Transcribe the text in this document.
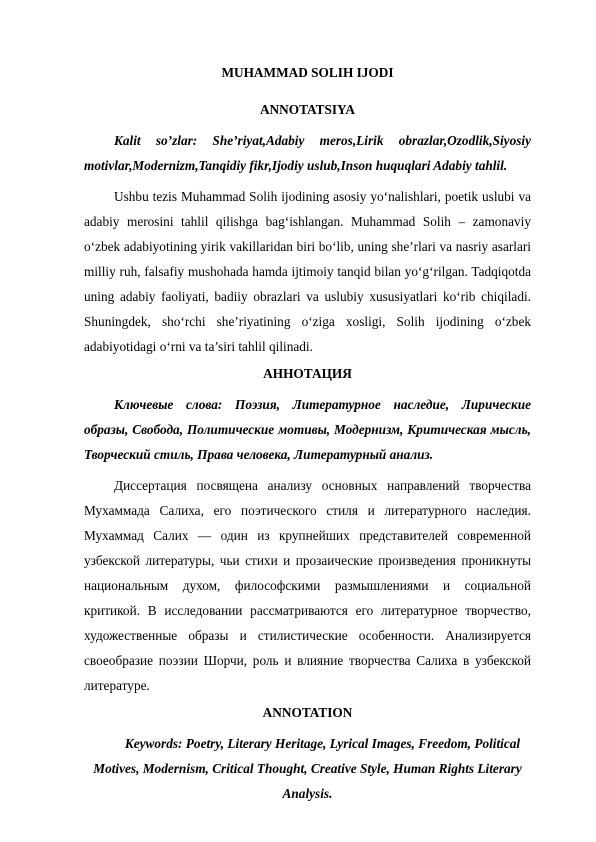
MUHAMMAD SOLIH IJODI

ANNOTATSIYA

Kalit so’zlar: She’riyat,Adabiy meros,Lirik obrazlar,Ozodlik,Siyosiy motivlar,Modernizm,Tanqidiy fikr,Ijodiy uslub,Inson huquqlari Adabiy tahlil.

Ushbu tezis Muhammad Solih ijodining asosiy yo‘nalishlari, poetik uslubi va adabiy merosini tahlil qilishga bag‘ishlangan. Muhammad Solih – zamonaviy o‘zbek adabiyotining yirik vakillaridan biri bo‘lib, uning she’rlari va nasriy asarlari milliy ruh, falsafiy mushohada hamda ijtimoiy tanqid bilan yo‘g‘rilgan. Tadqiqotda uning adabiy faoliyati, badiiy obrazlari va uslubiy xususiyatlari ko‘rib chiqiladi. Shuningdek, sho‘rchi she’riyatining o‘ziga xosligi, Solih ijodining o‘zbek adabiyotidagi o‘rni va ta’siri tahlil qilinadi.

АННОТАЦИЯ

Ключевые слова: Поэзия, Литературное наследие, Лирические образы, Свобода, Политические мотивы, Модернизм, Критическая мысль, Творческий стиль, Права человека, Литературный анализ.

Диссертация посвящена анализу основных направлений творчества Мухаммада Салиха, его поэтического стиля и литературного наследия. Мухаммад Салих — один из крупнейших представителей современной узбекской литературы, чьи стихи и прозаические произведения проникнуты национальным духом, философскими размышлениями и социальной критикой. В исследовании рассматриваются его литературное творчество, художественные образы и стилистические особенности. Анализируется своеобразие поэзии Шорчи, роль и влияние творчества Салиха в узбекской литературе.

ANNOTATION

Keywords: Poetry, Literary Heritage, Lyrical Images, Freedom, Political Motives, Modernism, Critical Thought, Creative Style, Human Rights Literary Analysis.
